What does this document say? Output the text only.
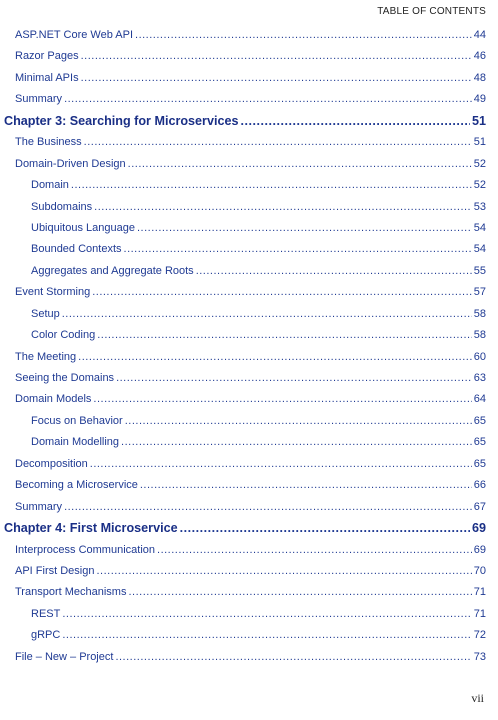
TABLE OF CONTENTS
ASP.NET Core Web API .....	44
Razor Pages .....	46
Minimal APIs .....	48
Summary .....	49
Chapter 3: Searching for Microservices .....	51
The Business .....	51
Domain-Driven Design .....	52
Domain .....	52
Subdomains .....	53
Ubiquitous Language .....	54
Bounded Contexts .....	54
Aggregates and Aggregate Roots .....	55
Event Storming .....	57
Setup .....	58
Color Coding .....	58
The Meeting .....	60
Seeing the Domains .....	63
Domain Models .....	64
Focus on Behavior .....	65
Domain Modelling .....	65
Decomposition .....	65
Becoming a Microservice .....	66
Summary .....	67
Chapter 4: First Microservice .....	69
Interprocess Communication .....	69
API First Design .....	70
Transport Mechanisms .....	71
REST .....	71
gRPC .....	72
File – New – Project .....	73
vii
